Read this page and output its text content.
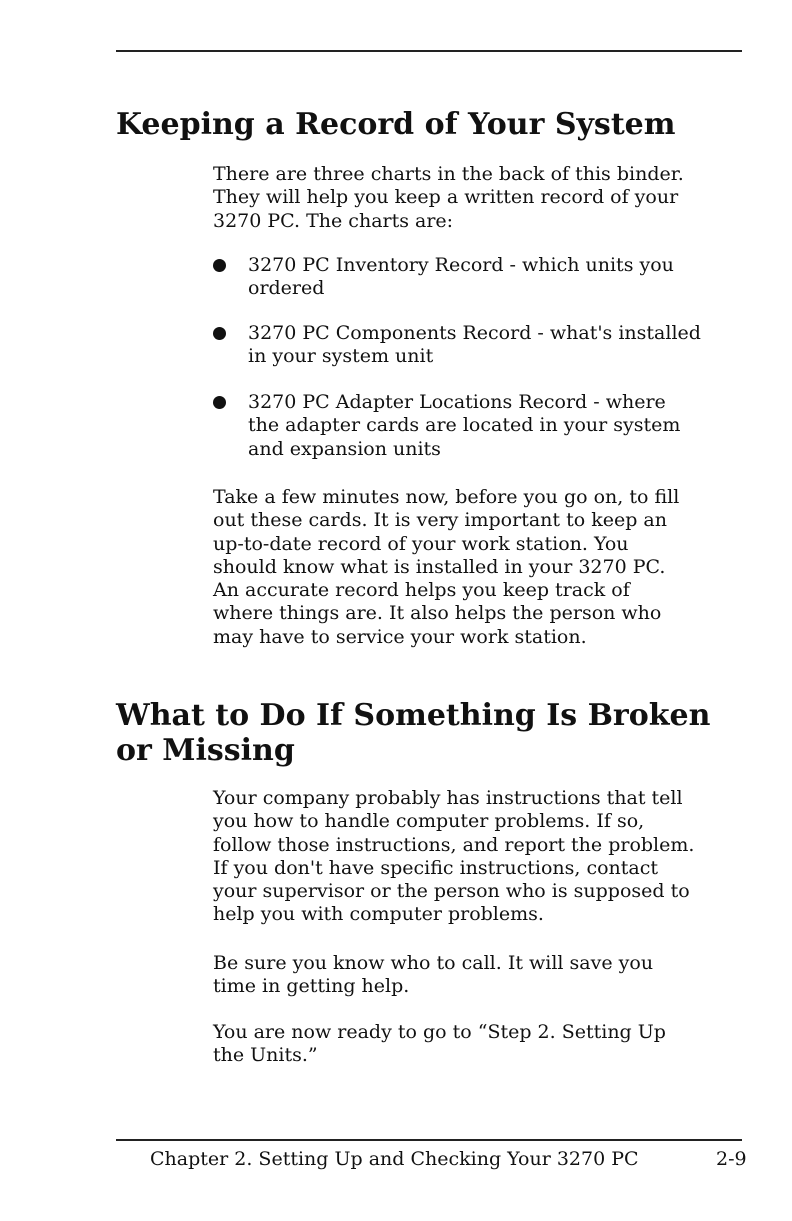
Keeping a Record of Your System

There are three charts in the back of this binder.
They will help you keep a written record of your
3270 PC. The charts are:

3270 PC Inventory Record - which units you
ordered
3270 PC Components Record - what's installed
in your system unit
3270 PC Adapter Locations Record - where
the adapter cards are located in your system
and expansion units

Take a few minutes now, before you go on, to fill
out these cards. It is very important to keep an
up-to-date record of your work station. You
should know what is installed in your 3270 PC.
An accurate record helps you keep track of
where things are. It also helps the person who
may have to service your work station.

What to Do If Something Is Broken
or Missing

Your company probably has instructions that tell
you how to handle computer problems. If so,
follow those instructions, and report the problem.
If you don't have specific instructions, contact
your supervisor or the person who is supposed to
help you with computer problems.

Be sure you know who to call. It will save you
time in getting help.

You are now ready to go to “Step 2. Setting Up
the Units.”

Chapter 2. Setting Up and Checking Your 3270 PC	2-9
